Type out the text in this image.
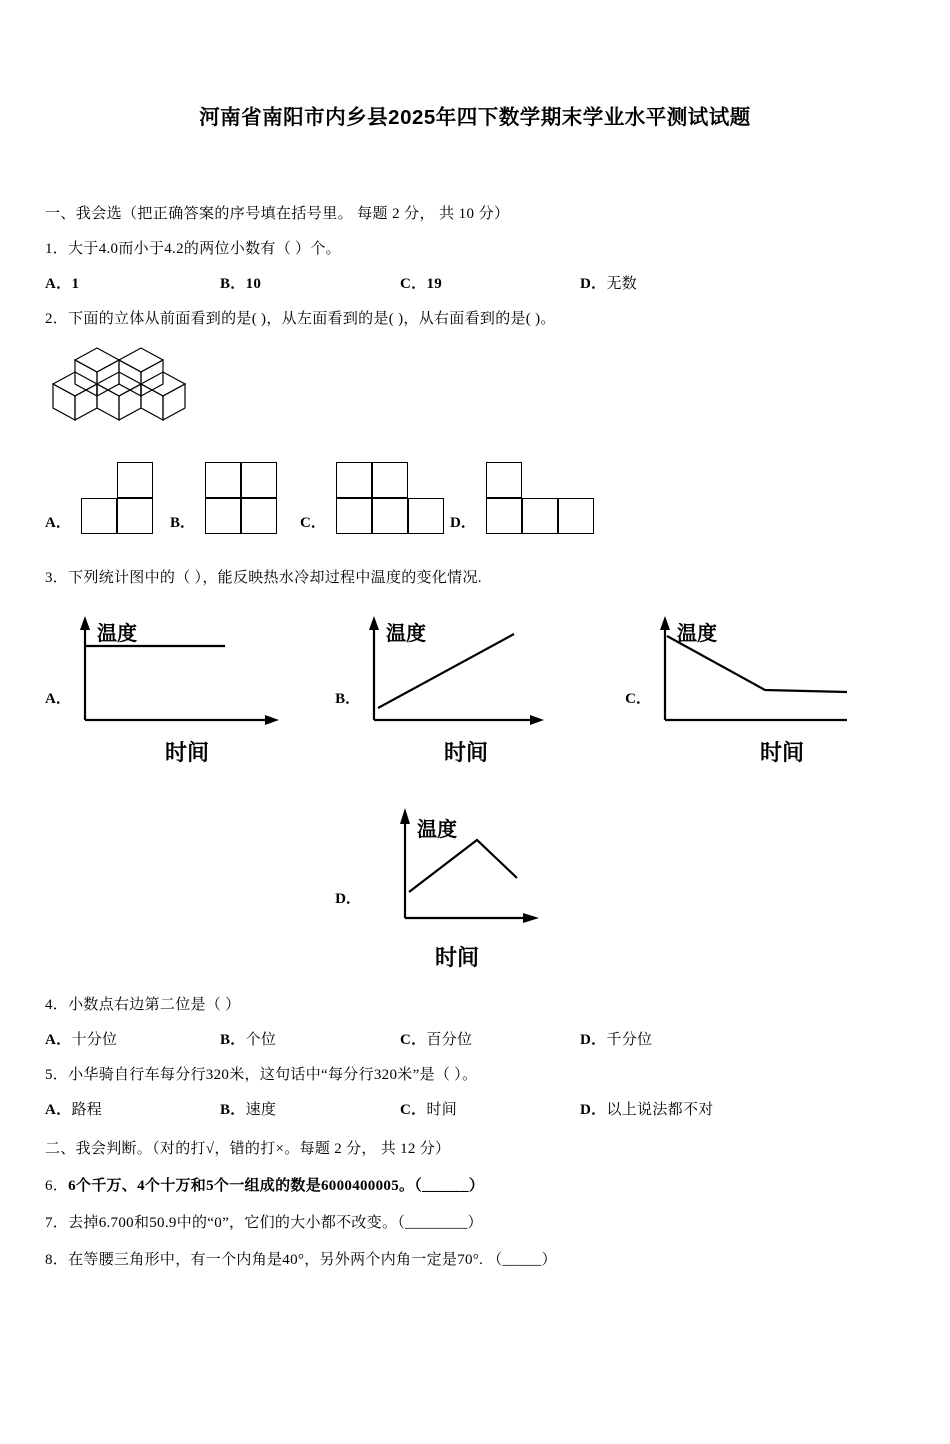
河南省南阳市内乡县2025年四下数学期末学业水平测试试题
一、我会选（把正确答案的序号填在括号里。 每题 2 分， 共 10 分）
1．大于4.0而小于4.2的两位小数有（ ）个。
A．1	B．10	C．19	D．无数
2．下面的立体从前面看到的是( )，从左面看到的是( )，从右面看到的是( )。
A．	B．	C．	D．
3．下列统计图中的（ ），能反映热水冷却过程中温度的变化情况.
A．
温度
时间
B．
温度
时间
C．
温度
时间
D．
温度
时间
4．小数点右边第二位是（ ）
A．十分位	B．个位	C．百分位	D．千分位
5．小华骑自行车每分行320米，这句话中“每分行320米”是（ ）。
A．路程	B．速度	C．时间	D．以上说法都不对
二、我会判断。（对的打√，错的打×。每题 2 分， 共 12 分）
6．6个千万、4个十万和5个一组成的数是6000400005。（______）
7．去掉6.700和50.9中的“0”，它们的大小都不改变。（________）
8．在等腰三角形中，有一个内角是40°，另外两个内角一定是70°. （_____）
